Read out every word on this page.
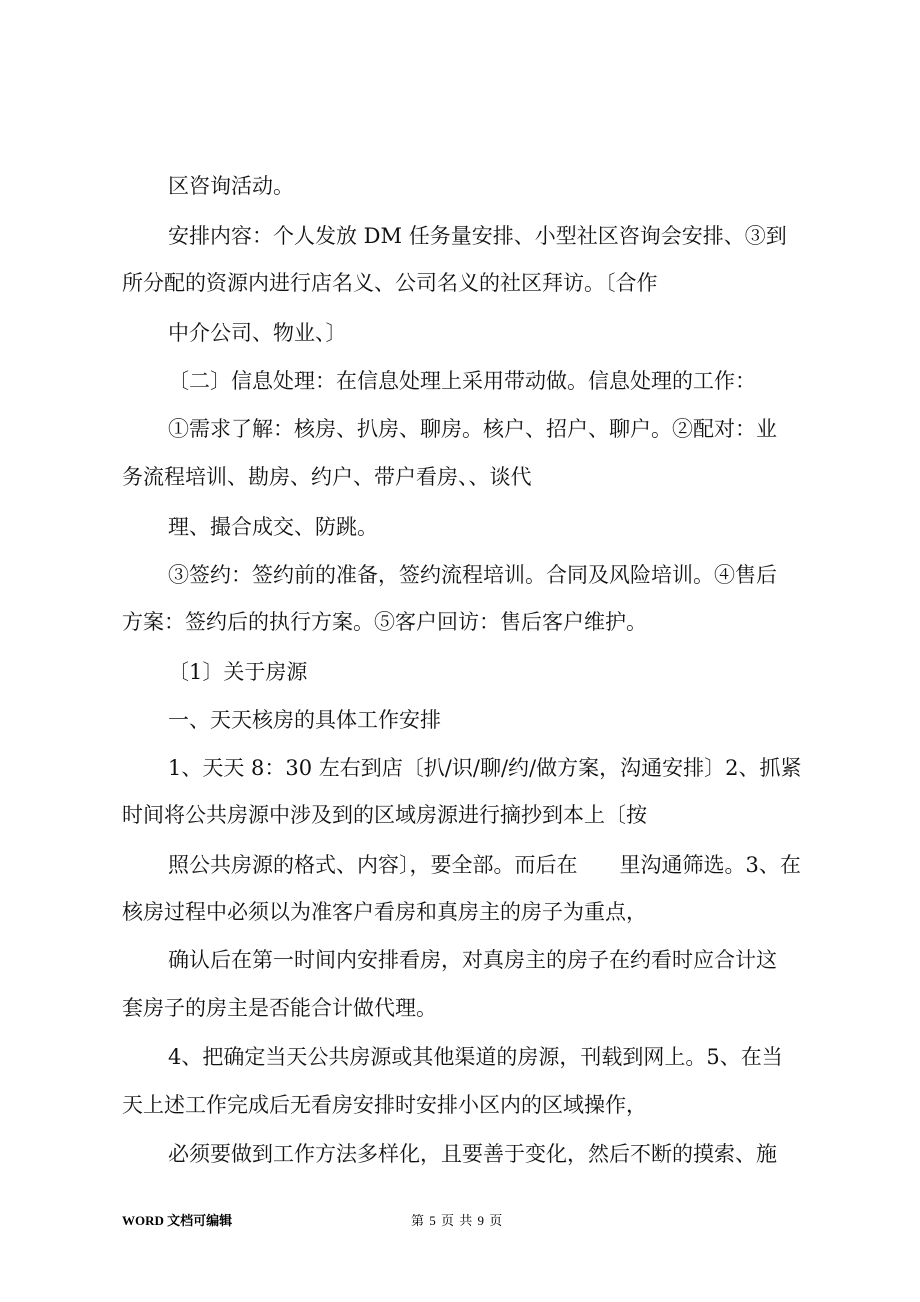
区咨询活动。
安排内容：个人发放 DM 任务量安排、小型社区咨询会安排、③到
所分配的资源内进行店名义、公司名义的社区拜访。〔合作
中介公司、物业、〕
〔二〕信息处理：在信息处理上采用带动做。信息处理的工作：
①需求了解：核房、扒房、聊房。核户、招户、聊户。②配对：业
务流程培训、勘房、约户、带户看房、、谈代
理、撮合成交、防跳。
③签约：签约前的准备，签约流程培训。合同及风险培训。④售后
方案：签约后的执行方案。⑤客户回访：售后客户维护。
〔1〕关于房源
一、天天核房的具体工作安排
1、天天 8：30 左右到店〔扒/识/聊/约/做方案，沟通安排〕2、抓紧
时间将公共房源中涉及到的区域房源进行摘抄到本上〔按
照公共房源的格式、内容〕，要全部。而后在　　里沟通筛选。3、在
核房过程中必须以为准客户看房和真房主的房子为重点，
确认后在第一时间内安排看房，对真房主的房子在约看时应合计这
套房子的房主是否能合计做代理。
4、把确定当天公共房源或其他渠道的房源，刊载到网上。5、在当
天上述工作完成后无看房安排时安排小区内的区域操作，
必须要做到工作方法多样化，且要善于变化，然后不断的摸索、施
WORD 文档可编辑	第 5 页 共 9 页
